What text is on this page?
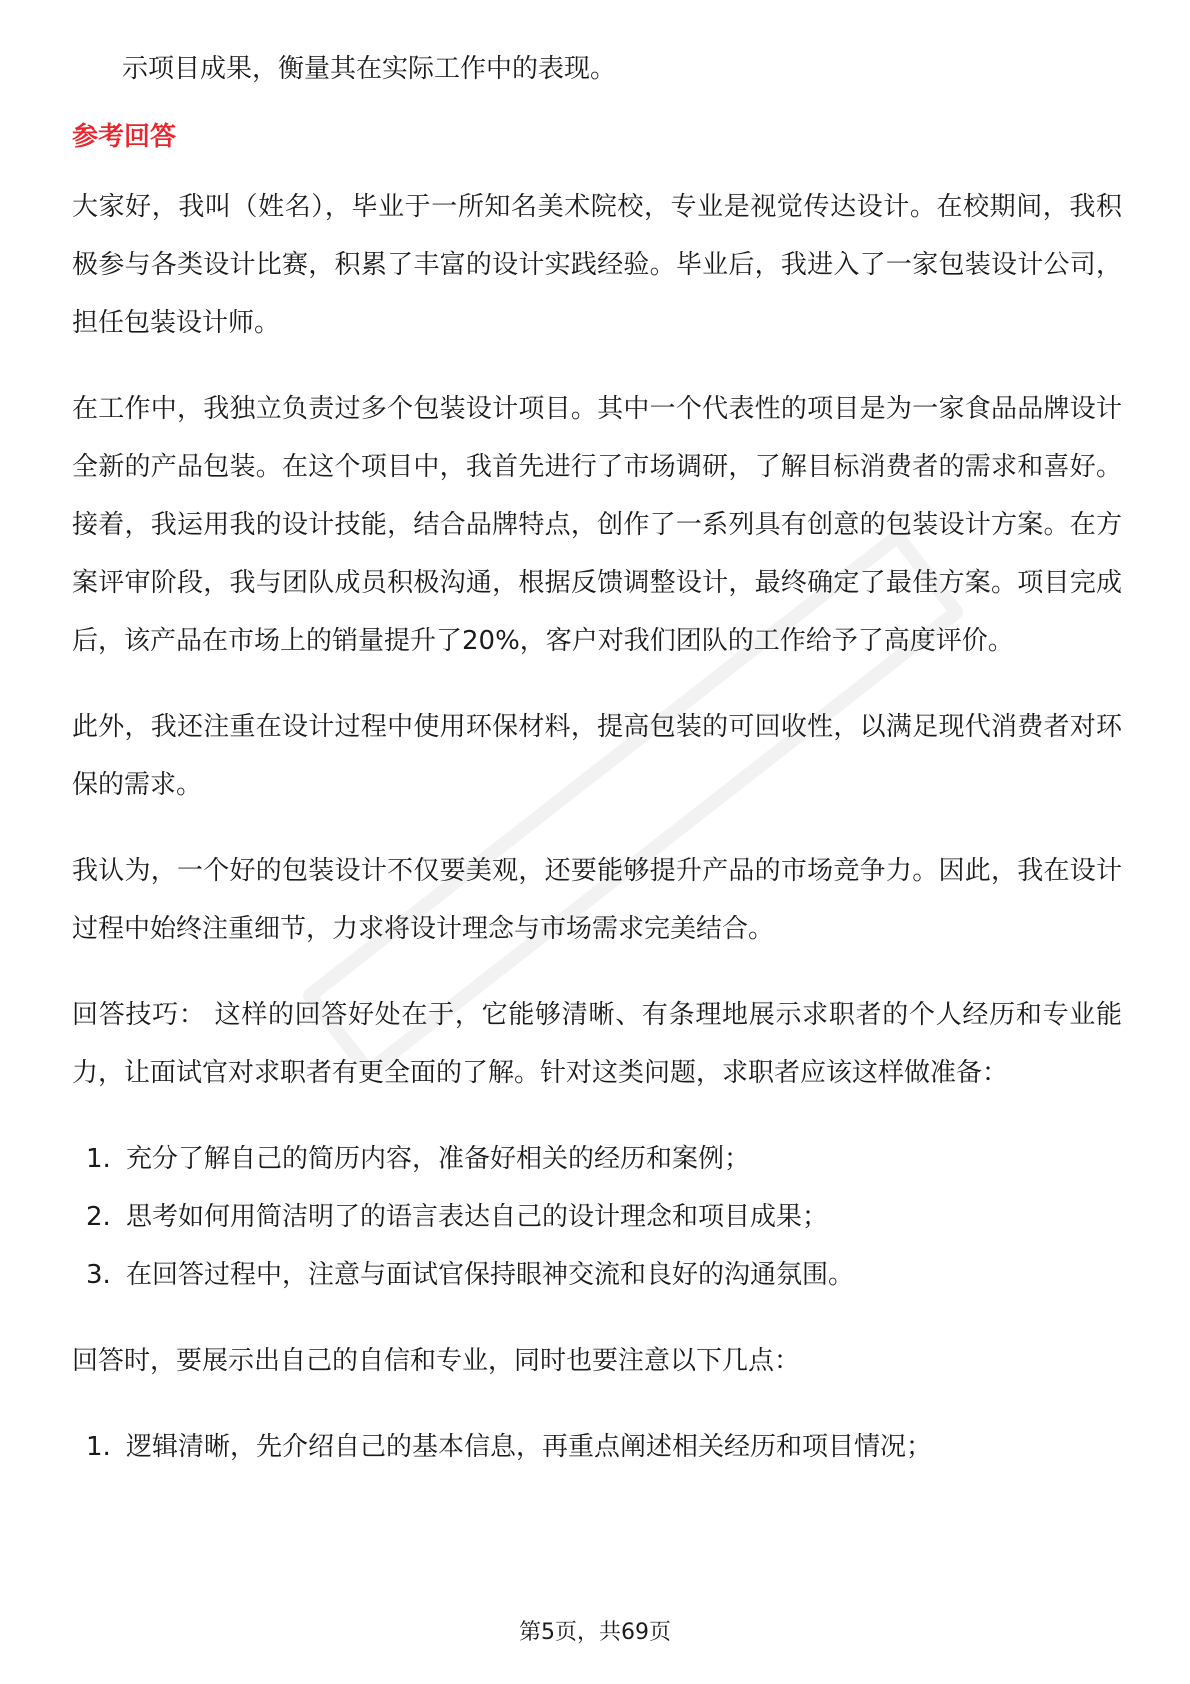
示项目成果，衡量其在实际工作中的表现。

参考回答

大家好，我叫（姓名），毕业于一所知名美术院校，专业是视觉传达设计。在校期间，我积极参与各类设计比赛，积累了丰富的设计实践经验。毕业后，我进入了一家包装设计公司，担任包装设计师。

在工作中，我独立负责过多个包装设计项目。其中一个代表性的项目是为一家食品品牌设计全新的产品包装。在这个项目中，我首先进行了市场调研，了解目标消费者的需求和喜好。接着，我运用我的设计技能，结合品牌特点，创作了一系列具有创意的包装设计方案。在方案评审阶段，我与团队成员积极沟通，根据反馈调整设计，最终确定了最佳方案。项目完成后，该产品在市场上的销量提升了20%，客户对我们团队的工作给予了高度评价。

此外，我还注重在设计过程中使用环保材料，提高包装的可回收性，以满足现代消费者对环保的需求。

我认为，一个好的包装设计不仅要美观，还要能够提升产品的市场竞争力。因此，我在设计过程中始终注重细节，力求将设计理念与市场需求完美结合。

回答技巧： 这样的回答好处在于，它能够清晰、有条理地展示求职者的个人经历和专业能力，让面试官对求职者有更全面的了解。针对这类问题，求职者应该这样做准备：

1. 充分了解自己的简历内容，准备好相关的经历和案例；
2. 思考如何用简洁明了的语言表达自己的设计理念和项目成果；
3. 在回答过程中，注意与面试官保持眼神交流和良好的沟通氛围。

回答时，要展示出自己的自信和专业，同时也要注意以下几点：

1. 逻辑清晰，先介绍自己的基本信息，再重点阐述相关经历和项目情况；
第5页，共69页
